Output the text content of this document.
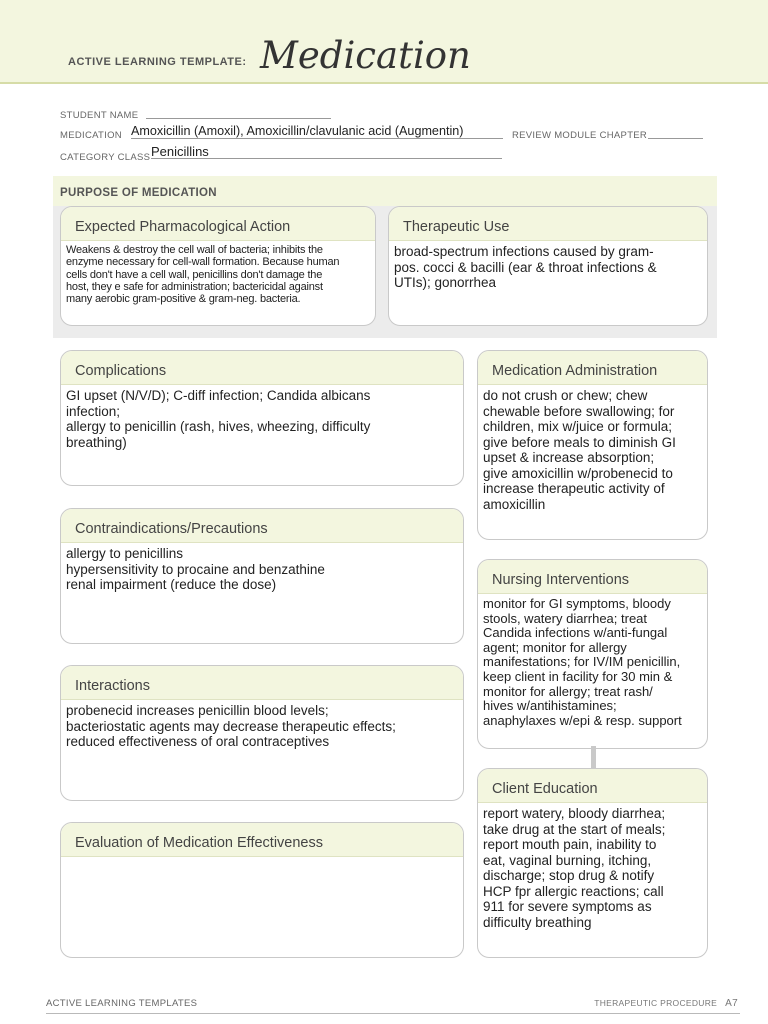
ACTIVE LEARNING TEMPLATE: Medication
STUDENT NAME
MEDICATION Amoxicillin (Amoxil), Amoxicillin/clavulanic acid (Augmentin)	REVIEW MODULE CHAPTER
CATEGORY CLASS Penicillins
PURPOSE OF MEDICATION
Expected Pharmacological Action
Weakens & destroy the cell wall of bacteria; inhibits the
enzyme necessary for cell-wall formation. Because human
cells don't have a cell wall, penicillins don't damage the
host, they e safe for administration; bactericidal against
many aerobic gram-positive & gram-neg. bacteria.
Therapeutic Use
broad-spectrum infections caused by gram-
pos. cocci & bacilli (ear & throat infections &
UTIs); gonorrhea
Complications
GI upset (N/V/D); C-diff infection; Candida albicans
infection;
allergy to penicillin (rash, hives, wheezing, difficulty
breathing)
Contraindications/Precautions
allergy to penicillins
hypersensitivity to procaine and benzathine
renal impairment (reduce the dose)
Interactions
probenecid increases penicillin blood levels;
bacteriostatic agents may decrease therapeutic effects;
reduced effectiveness of oral contraceptives
Evaluation of Medication Effectiveness
Medication Administration
do not crush or chew; chew
chewable before swallowing; for
children, mix w/juice or formula;
give before meals to diminish GI
upset & increase absorption;
give amoxicillin w/probenecid to
increase therapeutic activity of
amoxicillin
Nursing Interventions
monitor for GI symptoms, bloody
stools, watery diarrhea; treat
Candida infections w/anti-fungal
agent; monitor for allergy
manifestations; for IV/IM penicillin,
keep client in facility for 30 min &
monitor for allergy; treat rash/
hives w/antihistamines;
anaphylaxes w/epi & resp. support
Client Education
report watery, bloody diarrhea;
take drug at the start of meals;
report mouth pain, inability to
eat, vaginal burning, itching,
discharge; stop drug & notify
HCP fpr allergic reactions; call
911 for severe symptoms as
difficulty breathing
ACTIVE LEARNING TEMPLATES	THERAPEUTIC PROCEDURE A7
